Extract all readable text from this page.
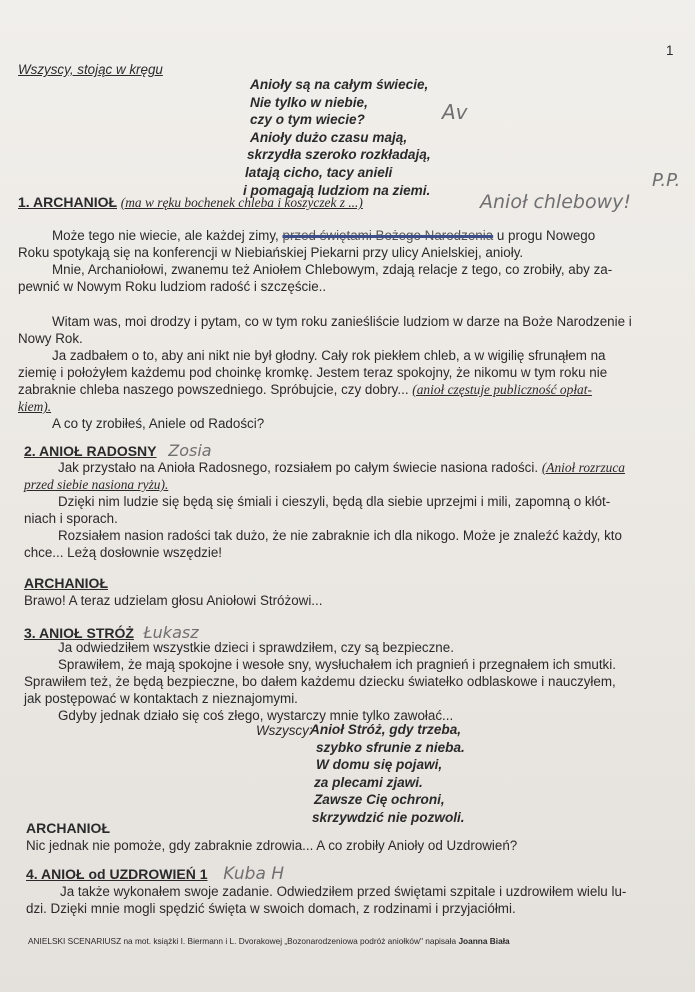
1
Wszyscy, stojąc w kręgu
Anioły są na całym świecie,
Nie tylko w niebie,
czy o tym wiecie?
Anioły dużo czasu mają,
skrzydła szeroko rozkładają,
latają cicho, tacy anieli
i pomagają ludziom na ziemi.
Av
Anioł chlebowy!
P.P.
1. ARCHANIOŁ (ma w ręku bochenek chleba i koszyczek z ...)
Może tego nie wiecie, ale każdej zimy, przed świętami Bożego Narodzenia u progu Nowego
Roku spotykają się na konferencji w Niebiańskiej Piekarni przy ulicy Anielskiej, anioły.
Mnie, Archaniołowi, zwanemu też Aniołem Chlebowym, zdają relacje z tego, co zrobiły, aby za-
pewnić w Nowym Roku ludziom radość i szczęście..
Witam was, moi drodzy i pytam, co w tym roku zanieśliście ludziom w darze na Boże Narodzenie i
Nowy Rok.
Ja zadbałem o to, aby ani nikt nie był głodny. Cały rok piekłem chleb, a w wigilię sfrunąłem na
ziemię i położyłem każdemu pod choinkę kromkę. Jestem teraz spokojny, że nikomu w tym roku nie
zabraknie chleba naszego powszedniego. Spróbujcie, czy dobry... (anioł częstuje publiczność opłat-
kiem).
A co ty zrobiłeś, Aniele od Radości?
2. ANIOŁ RADOSNY Zosia
Jak przystało na Anioła Radosnego, rozsiałem po całym świecie nasiona radości. (Anioł rozrzuca
przed siebie nasiona ryżu).
Dzięki nim ludzie się będą się śmiali i cieszyli, będą dla siebie uprzejmi i mili, zapomną o kłót-
niach i sporach.
Rozsiałem nasion radości tak dużo, że nie zabraknie ich dla nikogo. Może je znaleźć każdy, kto
chce... Leżą dosłownie wszędzie!
ARCHANIOŁ
Brawo! A teraz udzielam głosu Aniołowi Stróżowi...
3. ANIOŁ STRÓŻ Łukasz
Ja odwiedziłem wszystkie dzieci i sprawdziłem, czy są bezpieczne.
Sprawiłem, że mają spokojne i wesołe sny, wysłuchałem ich pragnień i przegnałem ich smutki.
Sprawiłem też, że będą bezpieczne, bo dałem każdemu dziecku światełko odblaskowe i nauczyłem,
jak postępować w kontaktach z nieznajomymi.
Gdyby jednak działo się coś złego, wystarczy mnie tylko zawołać...
Wszyscy:
Anioł Stróż, gdy trzeba,
szybko sfrunie z nieba.
W domu się pojawi,
za plecami zjawi.
Zawsze Cię ochroni,
skrzywdzić nie pozwoli.
ARCHANIOŁ
Nic jednak nie pomoże, gdy zabraknie zdrowia... A co zrobiły Anioły od Uzdrowień?
4. ANIOŁ od UZDROWIEŃ 1 Kuba H
Ja także wykonałem swoje zadanie. Odwiedziłem przed świętami szpitale i uzdrowiłem wielu lu-
dzi. Dzięki mnie mogli spędzić święta w swoich domach, z rodzinami i przyjaciółmi.
ANIELSKI SCENARIUSZ na mot. książki I. Biermann i L. Dvorakowej „Bozonarodzeniowa podróż aniołków" napisała Joanna Biała
